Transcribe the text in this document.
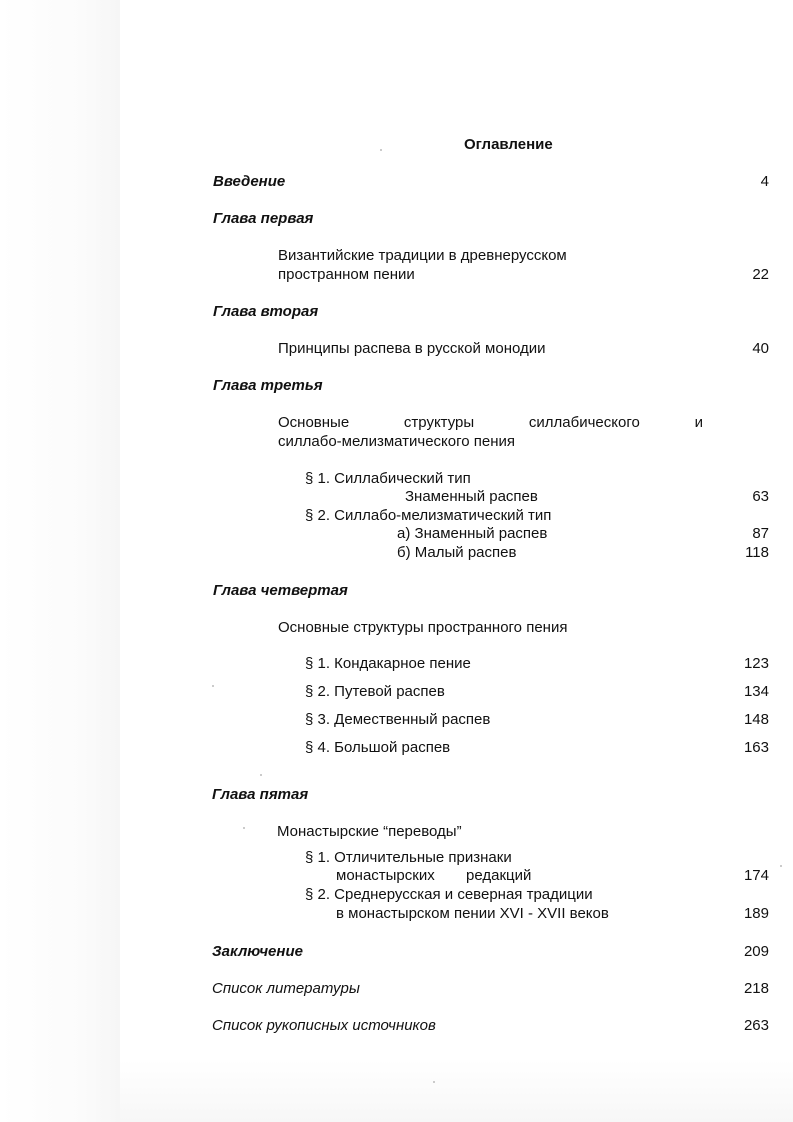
Оглавление
Введение	4
Глава первая
Византийские традиции в древнерусском
пространном пении	22
Глава вторая
Принципы распева в русской монодии	40
Глава третья
Основные	структуры	силлабического	и
силлабо-мелизматического пения
§ 1. Силлабический тип
Знаменный распев	63
§ 2. Силлабо-мелизматический тип
а) Знаменный распев	87
б) Малый распев	118
Глава четвертая
Основные структуры пространного пения
§ 1. Кондакарное пение	123
§ 2. Путевой распев	134
§ 3. Демественный распев	148
§ 4. Большой распев	163
Глава пятая
Монастырские “переводы”
§ 1. Отличительные признаки
монастырских редакций	174
§ 2. Среднерусская и северная традиции
в монастырском пении XVI - XVII веков	189
Заключение	209
Список литературы	218
Список рукописных источников	263
